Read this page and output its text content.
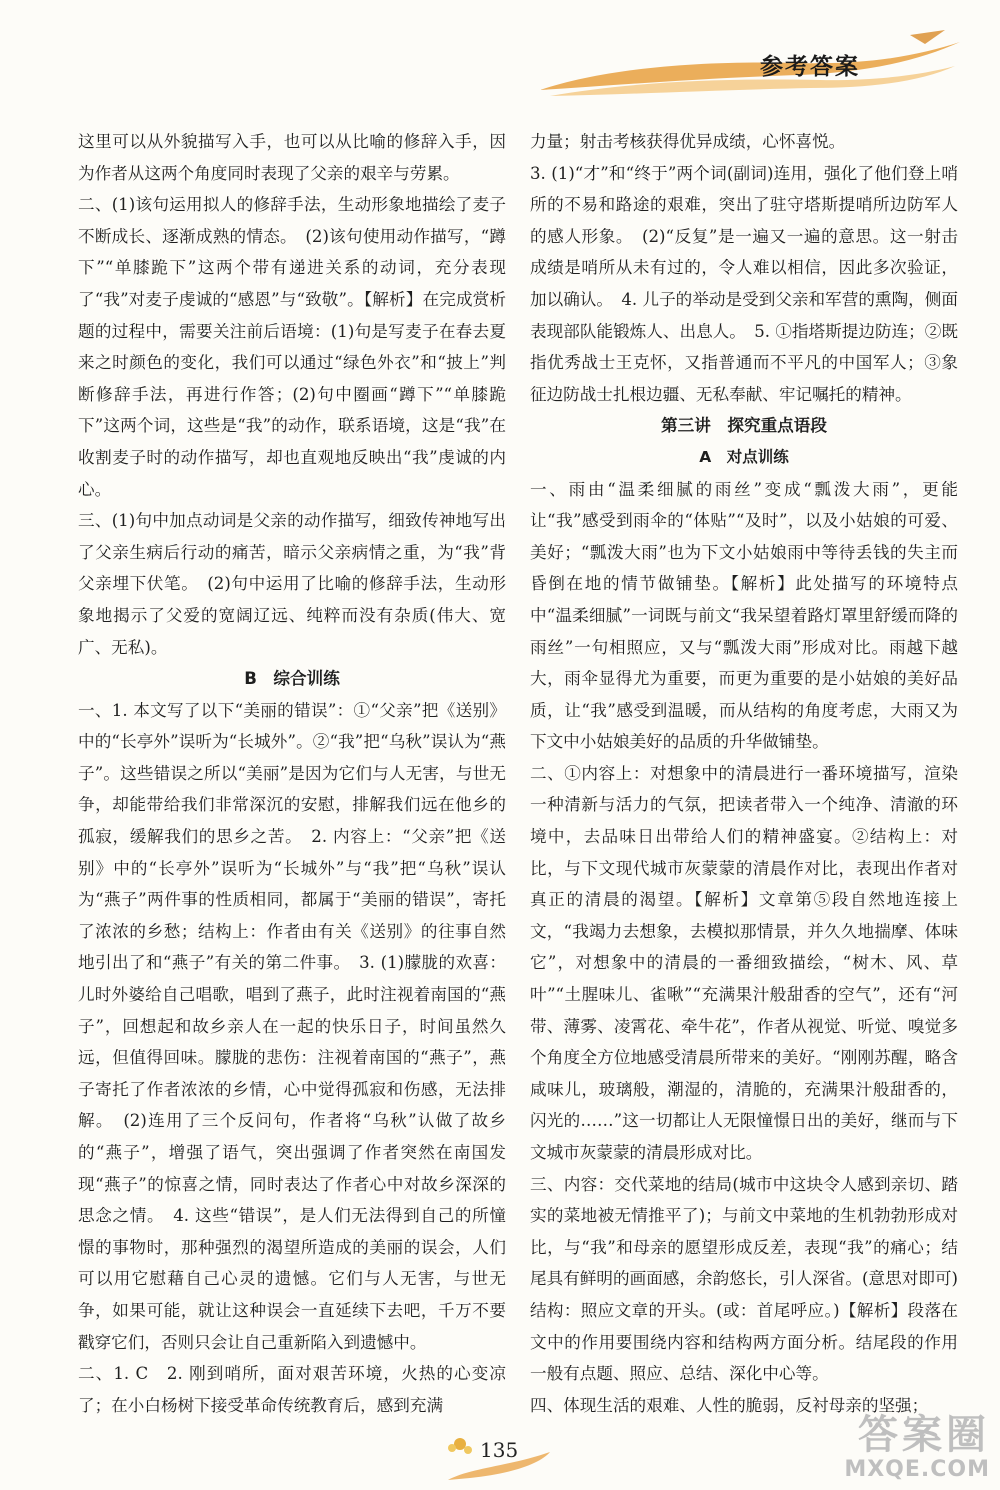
参考答案

这里可以从外貌描写入手，也可以从比喻的修辞入手，因为作者从这两个角度同时表现了父亲的艰辛与劳累。

二、(1)该句运用拟人的修辞手法，生动形象地描绘了麦子不断成长、逐渐成熟的情态。　(2)该句使用动作描写，“蹲下”“单膝跪下”这两个带有递进关系的动词，充分表现了“我”对麦子虔诚的“感恩”与“致敬”。【解析】在完成赏析题的过程中，需要关注前后语境：(1)句是写麦子在春去夏来之时颜色的变化，我们可以通过“绿色外衣”和“披上”判断修辞手法，再进行作答；(2)句中圈画“蹲下”“单膝跪下”这两个词，这些是“我”的动作，联系语境，这是“我”在收割麦子时的动作描写，却也直观地反映出“我”虔诚的内心。

三、(1)句中加点动词是父亲的动作描写，细致传神地写出了父亲生病后行动的痛苦，暗示父亲病情之重，为“我”背父亲埋下伏笔。　(2)句中运用了比喻的修辞手法，生动形象地揭示了父爱的宽阔辽远、纯粹而没有杂质(伟大、宽广、无私)。

B　综合训练

一、1. 本文写了以下“美丽的错误”：①“父亲”把《送别》中的“长亭外”误听为“长城外”。②“我”把“乌秋”误认为“燕子”。这些错误之所以“美丽”是因为它们与人无害，与世无争，却能带给我们非常深沉的安慰，排解我们远在他乡的孤寂，缓解我们的思乡之苦。　2. 内容上：“父亲”把《送别》中的“长亭外”误听为“长城外”与“我”把“乌秋”误认为“燕子”两件事的性质相同，都属于“美丽的错误”，寄托了浓浓的乡愁；结构上：作者由有关《送别》的往事自然地引出了和“燕子”有关的第二件事。　3. (1)朦胧的欢喜：儿时外婆给自己唱歌，唱到了燕子，此时注视着南国的“燕子”，回想起和故乡亲人在一起的快乐日子，时间虽然久远，但值得回味。朦胧的悲伤：注视着南国的“燕子”，燕子寄托了作者浓浓的乡情，心中觉得孤寂和伤感，无法排解。　(2)连用了三个反问句，作者将“乌秋”认做了故乡的“燕子”，增强了语气，突出强调了作者突然在南国发现“燕子”的惊喜之情，同时表达了作者心中对故乡深深的思念之情。　4. 这些“错误”，是人们无法得到自己的所憧憬的事物时，那种强烈的渴望所造成的美丽的误会，人们可以用它慰藉自己心灵的遗憾。它们与人无害，与世无争，如果可能，就让这种误会一直延续下去吧，千万不要戳穿它们，否则只会让自己重新陷入到遗憾中。

二、1. C　2. 刚到哨所，面对艰苦环境，火热的心变凉了；在小白杨树下接受革命传统教育后，感到充满

力量；射击考核获得优异成绩，心怀喜悦。

3. (1)“才”和“终于”两个词(副词)连用，强化了他们登上哨所的不易和路途的艰难，突出了驻守塔斯提哨所边防军人的感人形象。　(2)“反复”是一遍又一遍的意思。这一射击成绩是哨所从未有过的，令人难以相信，因此多次验证，加以确认。　4. 儿子的举动是受到父亲和军营的熏陶，侧面表现部队能锻炼人、出息人。　5. ①指塔斯提边防连；②既指优秀战士王克怀，又指普通而不平凡的中国军人；③象征边防战士扎根边疆、无私奉献、牢记嘱托的精神。

第三讲　探究重点语段
A　对点训练

一、雨由“温柔细腻的雨丝”变成“瓢泼大雨”，更能让“我”感受到雨伞的“体贴”“及时”，以及小姑娘的可爱、美好；“瓢泼大雨”也为下文小姑娘雨中等待丢钱的失主而昏倒在地的情节做铺垫。【解析】此处描写的环境特点中“温柔细腻”一词既与前文“我呆望着路灯罩里舒缓而降的雨丝”一句相照应，又与“瓢泼大雨”形成对比。雨越下越大，雨伞显得尤为重要，而更为重要的是小姑娘的美好品质，让“我”感受到温暖，而从结构的角度考虑，大雨又为下文中小姑娘美好的品质的升华做铺垫。

二、①内容上：对想象中的清晨进行一番环境描写，渲染一种清新与活力的气氛，把读者带入一个纯净、清澈的环境中，去品味日出带给人们的精神盛宴。②结构上：对比，与下文现代城市灰蒙蒙的清晨作对比，表现出作者对真正的清晨的渴望。【解析】文章第⑤段自然地连接上文，“我竭力去想象，去模拟那情景，并久久地揣摩、体味它”，对想象中的清晨的一番细致描绘，“树木、风、草叶”“土腥味儿、雀啾”“充满果汁般甜香的空气”，还有“河带、薄雾、凌霄花、牵牛花”，作者从视觉、听觉、嗅觉多个角度全方位地感受清晨所带来的美好。“刚刚苏醒，略含咸味儿，玻璃般，潮湿的，清脆的，充满果汁般甜香的，闪光的……”这一切都让人无限憧憬日出的美好，继而与下文城市灰蒙蒙的清晨形成对比。

三、内容：交代菜地的结局(城市中这块令人感到亲切、踏实的菜地被无情推平了)；与前文中菜地的生机勃勃形成对比，与“我”和母亲的愿望形成反差，表现“我”的痛心；结尾具有鲜明的画面感，余韵悠长，引人深省。(意思对即可)结构：照应文章的开头。(或：首尾呼应。)【解析】段落在文中的作用要围绕内容和结构两方面分析。结尾段的作用一般有点题、照应、总结、深化中心等。

四、体现生活的艰难、人性的脆弱，反衬母亲的坚强；

135	答案圈
MXQE.COM
